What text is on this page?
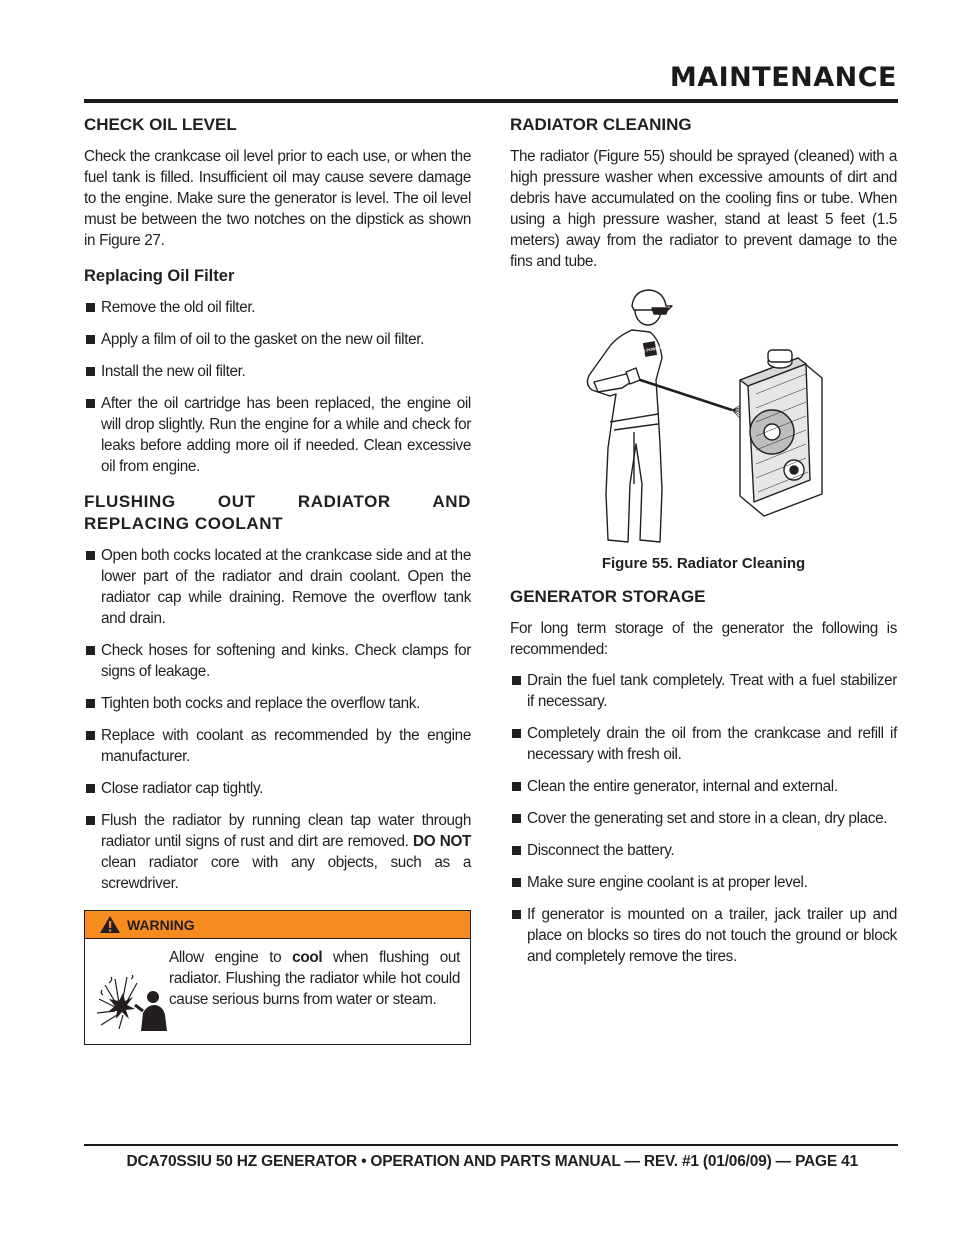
MAINTENANCE
CHECK OIL LEVEL

Check the crankcase oil level prior to each use, or when the fuel tank is filled. Insufficient oil may cause severe damage to the engine. Make sure the generator is level. The oil level must be between the two notches on the dipstick as shown in Figure 27.

Replacing Oil Filter
Remove the old oil filter.
Apply a film of oil to the gasket on the new oil filter.
Install the new oil filter.
After the oil cartridge has been replaced, the engine oil will drop slightly. Run the engine for a while and check for leaks before adding more oil if needed. Clean excessive oil from engine.
FLUSHING OUT RADIATOR AND REPLACING COOLANT
Open both cocks located at the crankcase side and at the lower part of the radiator and drain coolant. Open the radiator cap while draining. Remove the overflow tank and drain.
Check hoses for softening and kinks. Check clamps for signs of leakage.
Tighten both cocks and replace the overflow tank.
Replace with coolant as recommended by the engine manufacturer.
Close radiator cap tightly.
Flush the radiator by running clean tap water through radiator until signs of rust and dirt are removed. DO NOT clean radiator core with any objects, such as a screwdriver.
WARNING

Allow engine to cool when flushing out radiator. Flushing the radiator while hot could cause serious burns from water or steam.

RADIATOR CLEANING

The radiator (Figure 55) should be sprayed (cleaned) with a high pressure washer when excessive amounts of dirt and debris have accumulated on the cooling fins or tube. When using a high pressure washer, stand at least 5 feet (1.5 meters) away from the radiator to prevent damage to the fins and tube.

MQ POWER
Figure 55. Radiator Cleaning
GENERATOR STORAGE

For long term storage of the generator the following is recommended:

Drain the fuel tank completely. Treat with a fuel stabilizer if necessary.
Completely drain the oil from the crankcase and refill if necessary with fresh oil.
Clean the entire generator, internal and external.
Cover the generating set and store in a clean, dry place.
Disconnect the battery.
Make sure engine coolant is at proper level.
If generator is mounted on a trailer, jack trailer up and place on blocks so tires do not touch the ground or block and completely remove the tires.
DCA70SSIU 50 HZ GENERATOR • OPERATION AND PARTS MANUAL — REV. #1 (01/06/09) — PAGE 41
